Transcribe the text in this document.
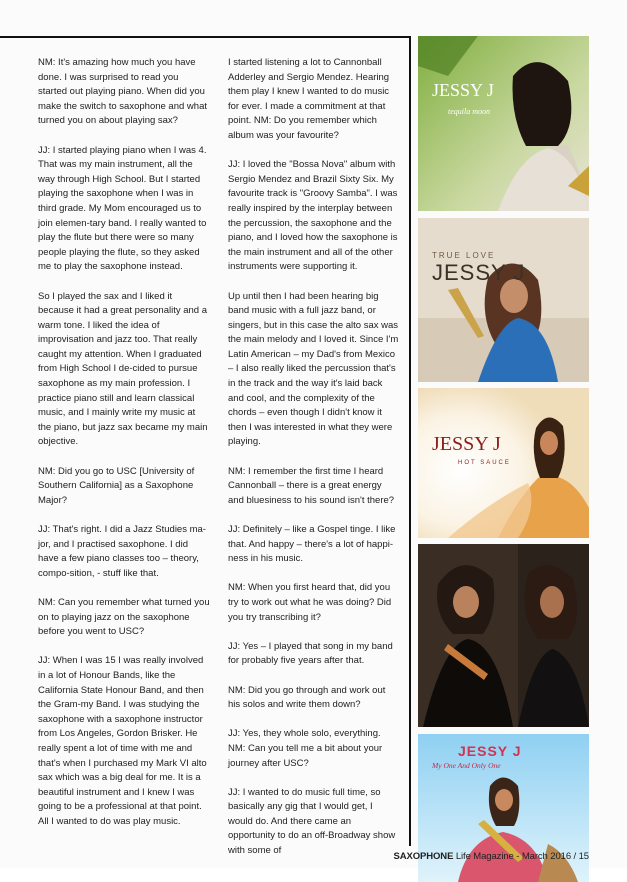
NM: It's amazing how much you have done. I was surprised to read you started out playing piano. When did you make the switch to saxophone and what turned you on about playing sax?

JJ: I started playing piano when I was 4. That was my main instrument, all the way through High School. But I started playing the saxophone when I was in third grade. My Mom encouraged us to join elemen-tary band. I really wanted to play the flute but there were so many people playing the flute, so they asked me to play the saxophone instead.

So I played the sax and I liked it because it had a great personality and a warm tone. I liked the idea of improvisation and jazz too. That really caught my attention. When I graduated from High School I de-cided to pursue saxophone as my main profession. I practice piano still and learn classical music, and I mainly write my music at the piano, but jazz sax became my main objective.

NM: Did you go to USC [University of Southern California] as a Saxophone Major?

JJ: That's right. I did a Jazz Studies ma-jor, and I practised saxophone. I did have a few piano classes too – theory, compo-sition, - stuff like that.

NM: Can you remember what turned you on to playing jazz on the saxophone before you went to USC?

JJ: When I was 15 I was really involved in a lot of Honour Bands, like the California State Honour Band, and then the Gram-my Band. I was studying the saxophone with a saxophone instructor from Los Angeles, Gordon Brisker. He really spent a lot of time with me and that's when I purchased my Mark VI alto sax which was a big deal for me. It is a beautiful instrument and I knew I was going to be a professional at that point. All I wanted to do was play music.

I started listening a lot to Cannonball Adderley and Sergio Mendez. Hearing them play I knew I wanted to do music for ever. I made a commitment at that point. NM: Do you remember which album was your favourite?

JJ: I loved the "Bossa Nova" album with Sergio Mendez and Brazil Sixty Six. My favourite track is "Groovy Samba". I was really inspired by the interplay between the percussion, the saxophone and the piano, and I loved how the saxophone is the main instrument and all of the other instruments were supporting it.

Up until then I had been hearing big band music with a full jazz band, or singers, but in this case the alto sax was the main melody and I loved it. Since I'm Latin American – my Dad's from Mexico – I also really liked the percussion that's in the track and the way it's laid back and cool, and the complexity of the chords – even though I didn't know it then I was interested in what they were playing.

NM: I remember the first time I heard Cannonball – there is a great energy and bluesiness to his sound isn't there?

JJ: Definitely – like a Gospel tinge. I like that. And happy – there's a lot of happi-ness in his music.

NM: When you first heard that, did you try to work out what he was doing? Did you try transcribing it?

JJ: Yes – I played that song in my band for probably five years after that.

NM: Did you go through and work out his solos and write them down?

JJ: Yes, they whole solo, everything. NM: Can you tell me a bit about your journey after USC?

JJ: I wanted to do music full time, so basically any gig that I would get, I would do. And there came an opportunity to do an off-Broadway show with some of

JESSY J
tequila moon
TRUE LOVE
JESSY J
JESSY J
HOT SAUCE
JESSY J
My One And Only One
SAXOPHONE Life Magazine - March 2016 / 15
